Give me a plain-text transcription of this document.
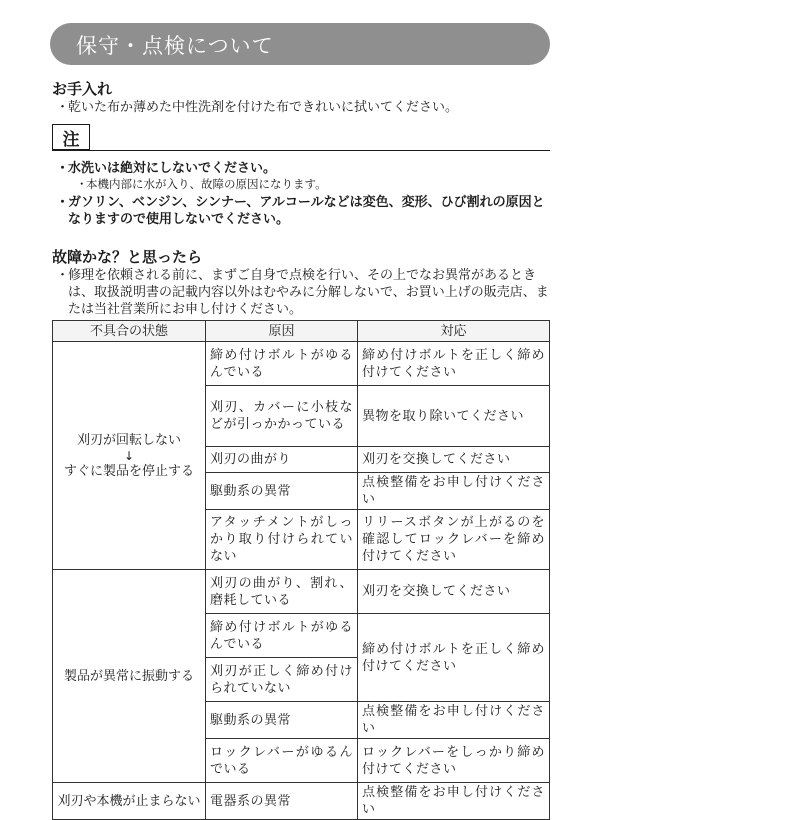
保守・点検について
お手入れ
・
乾いた布か薄めた中性洗剤を付けた布できれいに拭いてください。
注
・
水洗いは絶対にしないでください。
・
本機内部に水が入り、故障の原因になります。
・
ガソリン、ベンジン、シンナー、アルコールなどは変色、変形、ひび割れの原因となりますので使用しないでください。
故障かな？と思ったら
・
修理を依頼される前に、まずご自身で点検を行い、その上でなお異常があるときは、取扱説明書の記載内容以外はむやみに分解しないで、お買い上げの販売店、または当社営業所にお申し付けください。
不具合の状態	原因	対応
刈刃が回転しない
↓
すぐに製品を停止する	締め付けボルトがゆるんでいる	締め付けボルトを正しく締め付けてください
	刈刃、カバーに小枝などが引っかかっている	異物を取り除いてください
	刈刃の曲がり	刈刃を交換してください
	駆動系の異常	点検整備をお申し付けください
	アタッチメントがしっかり取り付けられていない	リリースボタンが上がるのを確認してロックレバーを締め付けてください
製品が異常に振動する	刈刃の曲がり、割れ、磨耗している	刈刃を交換してください
	締め付けボルトがゆるんでいる	締め付けボルトを正しく締め付けてください
	刈刃が正しく締め付けられていない	
	駆動系の異常	点検整備をお申し付けください
	ロックレバーがゆるんでいる	ロックレバーをしっかり締め付けてください
刈刃や本機が止まらない	電器系の異常	点検整備をお申し付けください
